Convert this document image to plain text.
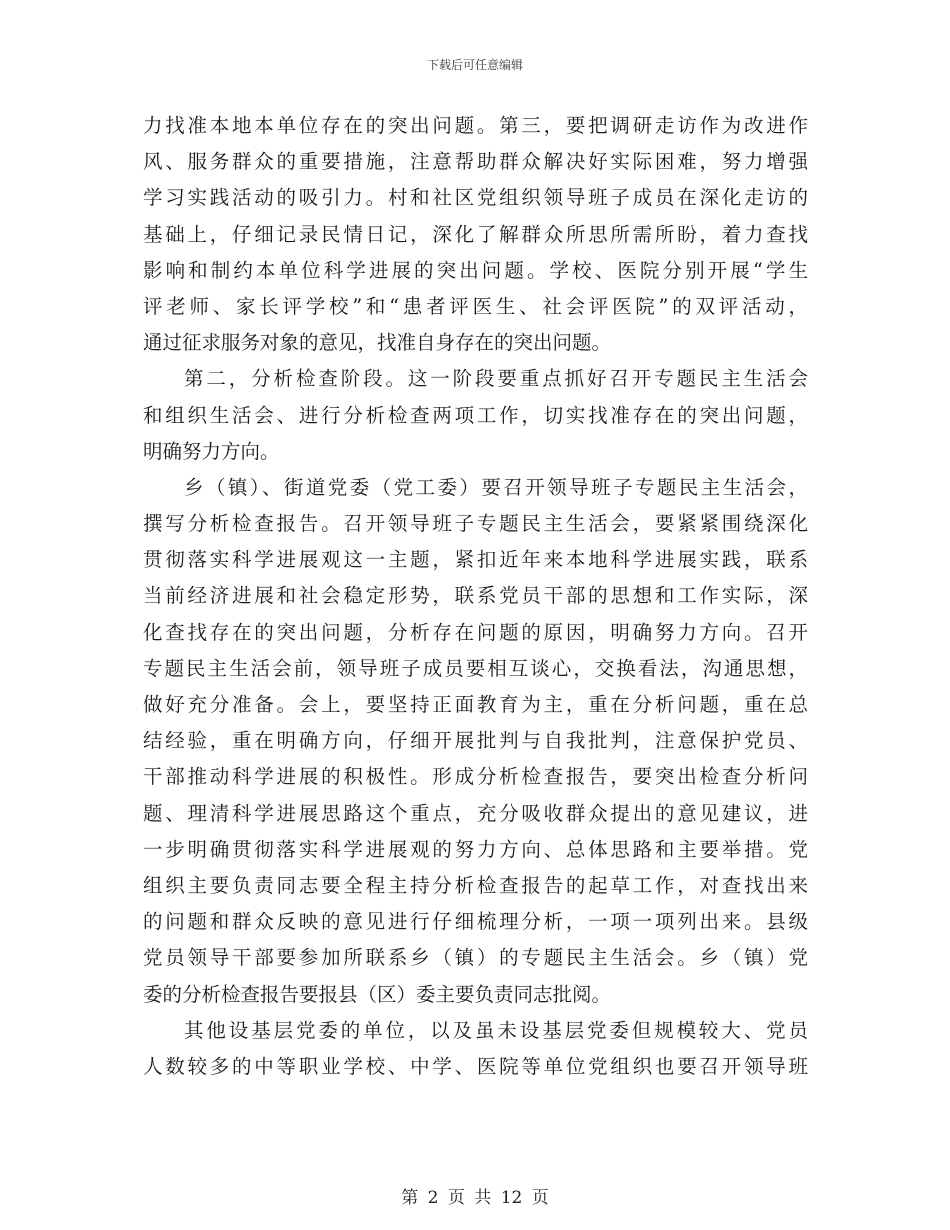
下载后可任意编辑
力找准本地本单位存在的突出问题。第三，要把调研走访作为改进作
风、服务群众的重要措施，注意帮助群众解决好实际困难，努力增强
学习实践活动的吸引力。村和社区党组织领导班子成员在深化走访的
基础上，仔细记录民情日记，深化了解群众所思所需所盼，着力查找
影响和制约本单位科学进展的突出问题。学校、医院分别开展“学生
评老师、家长评学校”和“患者评医生、社会评医院”的双评活动，
通过征求服务对象的意见，找准自身存在的突出问题。
第二，分析检查阶段。这一阶段要重点抓好召开专题民主生活会
和组织生活会、进行分析检查两项工作，切实找准存在的突出问题，
明确努力方向。
乡（镇）、街道党委（党工委）要召开领导班子专题民主生活会，
撰写分析检查报告。召开领导班子专题民主生活会，要紧紧围绕深化
贯彻落实科学进展观这一主题，紧扣近年来本地科学进展实践，联系
当前经济进展和社会稳定形势，联系党员干部的思想和工作实际，深
化查找存在的突出问题，分析存在问题的原因，明确努力方向。召开
专题民主生活会前，领导班子成员要相互谈心，交换看法，沟通思想，
做好充分准备。会上，要坚持正面教育为主，重在分析问题，重在总
结经验，重在明确方向，仔细开展批判与自我批判，注意保护党员、
干部推动科学进展的积极性。形成分析检查报告，要突出检查分析问
题、理清科学进展思路这个重点，充分吸收群众提出的意见建议，进
一步明确贯彻落实科学进展观的努力方向、总体思路和主要举措。党
组织主要负责同志要全程主持分析检查报告的起草工作，对查找出来
的问题和群众反映的意见进行仔细梳理分析，一项一项列出来。县级
党员领导干部要参加所联系乡（镇）的专题民主生活会。乡（镇）党
委的分析检查报告要报县（区）委主要负责同志批阅。
其他设基层党委的单位，以及虽未设基层党委但规模较大、党员
人数较多的中等职业学校、中学、医院等单位党组织也要召开领导班
第 2 页 共 12 页
